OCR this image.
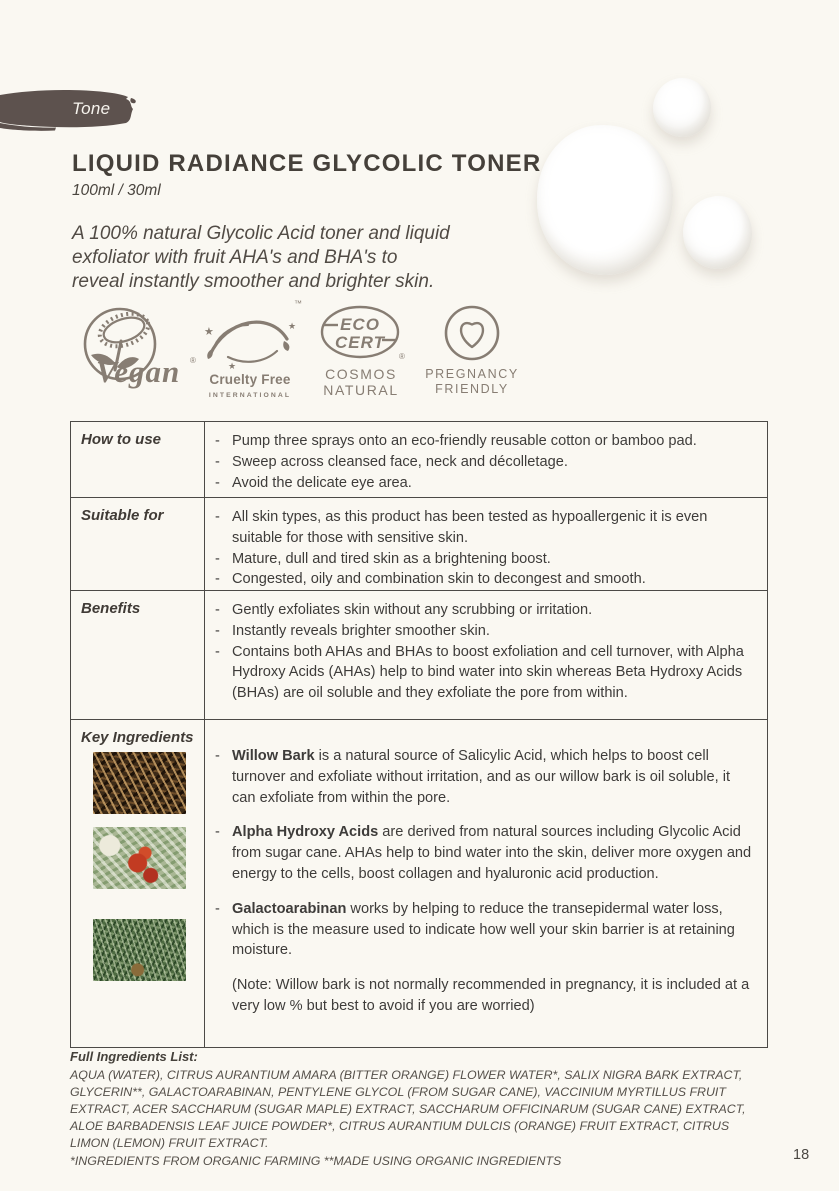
Tone
LIQUID RADIANCE GLYCOLIC TONER
100ml / 30ml
A 100% natural Glycolic Acid toner and liquid
exfoliator with fruit AHA's and BHA's to
reveal instantly smoother and brighter skin.
Vegan ®
™
★
★
★
Cruelty Free
INTERNATIONAL
ECO
CERT
®
COSMOS
NATURAL
PREGNANCY
FRIENDLY
How to use	- Pump three sprays onto an eco-friendly reusable cotton or bamboo pad.
- Sweep across cleansed face, neck and décolletage.
- Avoid the delicate eye area.
Suitable for	- All skin types, as this product has been tested as hypoallergenic it is even suitable for those with sensitive skin.
- Mature, dull and tired skin as a brightening boost.
- Congested, oily and combination skin to decongest and smooth.
Benefits	- Gently exfoliates skin without any scrubbing or irritation.
- Instantly reveals brighter smoother skin.
- Contains both AHAs and BHAs to boost exfoliation and cell turnover, with Alpha Hydroxy Acids (AHAs) help to bind water into skin whereas Beta Hydroxy Acids (BHAs) are oil soluble and they exfoliate the pore from within.
Key Ingredients

- Willow Bark is a natural source of Salicylic Acid, which helps to boost cell turnover and exfoliate without irritation, and as our willow bark is oil soluble, it can exfoliate from within the pore.

- Alpha Hydroxy Acids are derived from natural sources including Glycolic Acid from sugar cane. AHAs help to bind water into the skin, deliver more oxygen and energy to the cells, boost collagen and hyaluronic acid production.

- Galactoarabinan works by helping to reduce the transepidermal water loss, which is the measure used to indicate how well your skin barrier is at retaining moisture.

(Note: Willow bark is not normally recommended in pregnancy, it is included at a very low % but best to avoid if you are worried)
Full Ingredients List:
AQUA (WATER), CITRUS AURANTIUM AMARA (BITTER ORANGE) FLOWER WATER*, SALIX NIGRA BARK EXTRACT, GLYCERIN**, GALACTOARABINAN, PENTYLENE GLYCOL (FROM SUGAR CANE), VACCINIUM MYRTILLUS FRUIT EXTRACT, ACER SACCHARUM (SUGAR MAPLE) EXTRACT, SACCHARUM OFFICINARUM (SUGAR CANE) EXTRACT, ALOE BARBADENSIS LEAF JUICE POWDER*, CITRUS AURANTIUM DULCIS (ORANGE) FRUIT EXTRACT, CITRUS LIMON (LEMON) FRUIT EXTRACT.
*INGREDIENTS FROM ORGANIC FARMING **MADE USING ORGANIC INGREDIENTS	18
